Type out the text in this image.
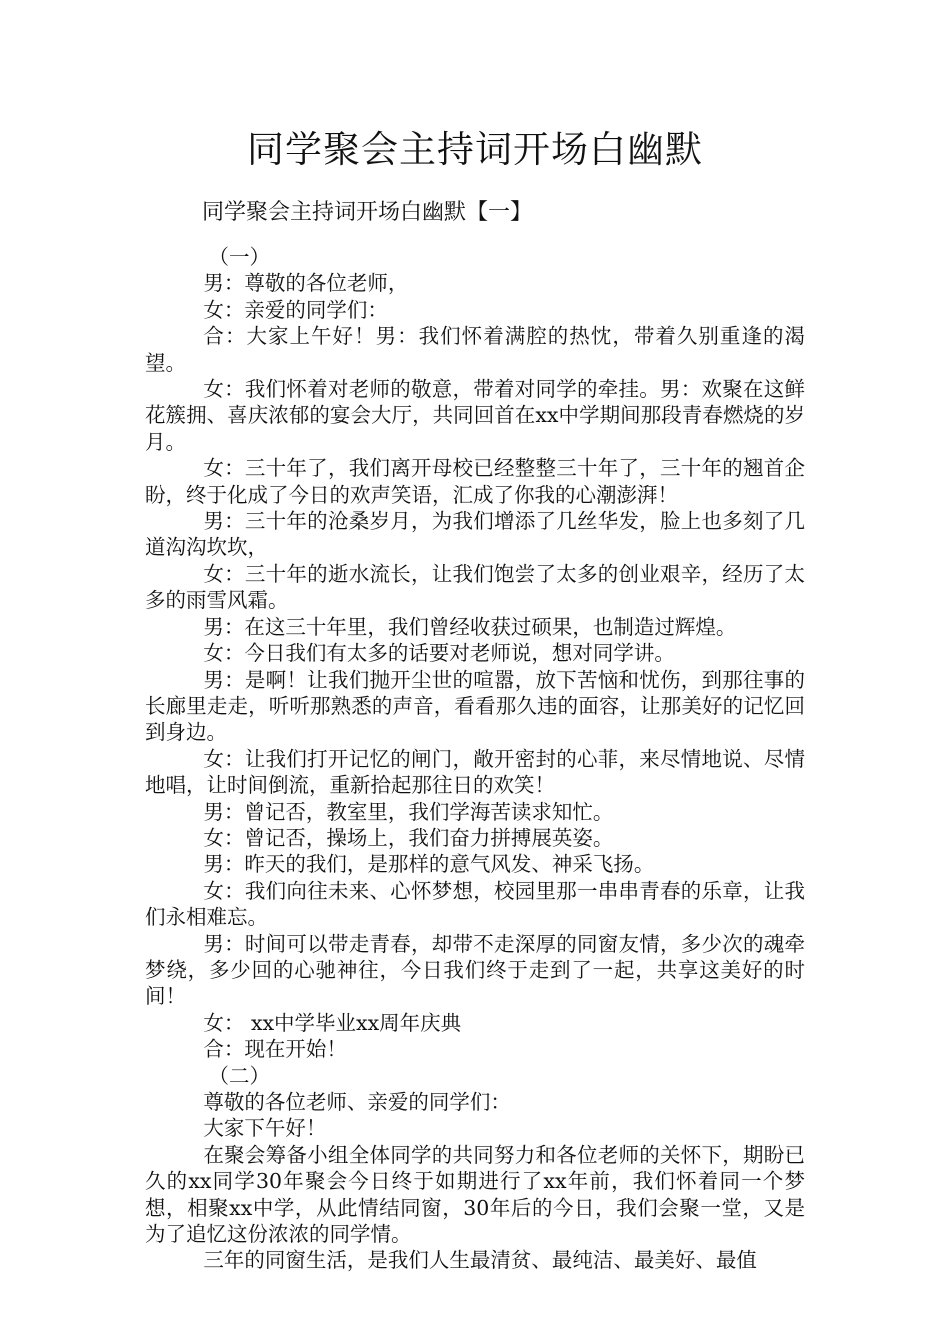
同学聚会主持词开场白幽默
同学聚会主持词开场白幽默【一】

（一）

男：尊敬的各位老师，

女：亲爱的同学们：

合：大家上午好！男：我们怀着满腔的热忱，带着久别重逢的渴望。

女：我们怀着对老师的敬意，带着对同学的牵挂。男：欢聚在这鲜花簇拥、喜庆浓郁的宴会大厅，共同回首在xx中学期间那段青春燃烧的岁月。

女：三十年了，我们离开母校已经整整三十年了，三十年的翘首企盼，终于化成了今日的欢声笑语，汇成了你我的心潮澎湃！

男：三十年的沧桑岁月，为我们增添了几丝华发，脸上也多刻了几道沟沟坎坎，

女：三十年的逝水流长，让我们饱尝了太多的创业艰辛，经历了太多的雨雪风霜。

男：在这三十年里，我们曾经收获过硕果，也制造过辉煌。

女：今日我们有太多的话要对老师说，想对同学讲。

男：是啊！让我们抛开尘世的喧嚣，放下苦恼和忧伤，到那往事的长廊里走走，听听那熟悉的声音，看看那久违的面容，让那美好的记忆回到身边。

女：让我们打开记忆的闸门，敞开密封的心菲，来尽情地说、尽情地唱，让时间倒流，重新拾起那往日的欢笑！

男：曾记否，教室里，我们学海苦读求知忙。

女：曾记否，操场上，我们奋力拼搏展英姿。

男：昨天的我们，是那样的意气风发、神采飞扬。

女：我们向往未来、心怀梦想，校园里那一串串青春的乐章，让我们永相难忘。

男：时间可以带走青春，却带不走深厚的同窗友情，多少次的魂牵梦绕，多少回的心驰神往，今日我们终于走到了一起，共享这美好的时间！

女： xx中学毕业xx周年庆典

合：现在开始！

（二）

尊敬的各位老师、亲爱的同学们：

大家下午好！

在聚会筹备小组全体同学的共同努力和各位老师的关怀下，期盼已久的xx同学30年聚会今日终于如期进行了xx年前，我们怀着同一个梦想，相聚xx中学，从此情结同窗，30年后的今日，我们会聚一堂，又是为了追忆这份浓浓的同学情。

三年的同窗生活，是我们人生最清贫、最纯洁、最美好、最值
